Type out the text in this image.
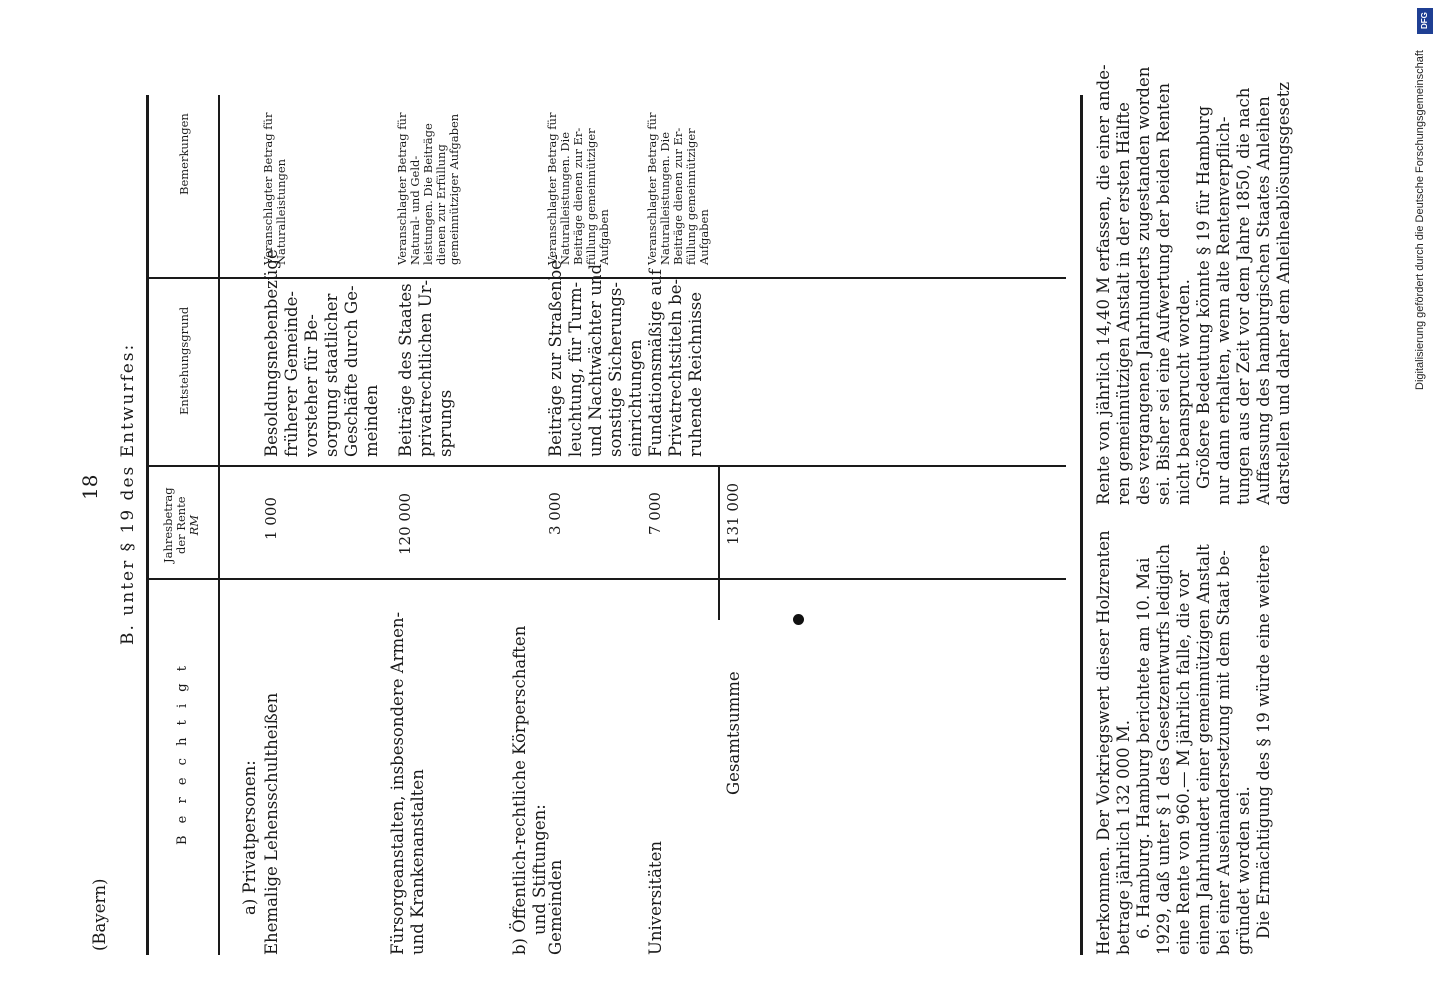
(Bayern)
18 B. unter § 19 des Entwurfes:
B e r e c h t i g t
Jahresbetrag der Rente RM
Entstehungsgrund
Bemerkungen
a) Privatpersonen: Ehemalige Lehensschultheißen
1 000
Besoldungsnebenbezüge früherer Gemeinde- vorsteher für Be- sorgung staatlicher Geschäfte durch Ge- meinden
Veranschlagter Betrag für Naturalleistungen
Fürsorgeanstalten, insbesondere Armen- und Krankenanstalten
120 000
Beiträge des Staates privatrechtlichen Ur- sprungs
Veranschlagter Betrag für Natural- und Geld- leistungen. Die Beiträge dienen zur Erfüllung gemeinnütziger Aufgaben
b) Öffentlich-rechtliche Körperschaften und Stiftungen:
Gemeinden
3 000
Beiträge zur Straßenbe- leuchtung, für Turm- und Nachtwächter und sonstige Sicherungs- einrichtungen
Veranschlagter Betrag für Naturalleistungen. Die Beiträge dienen zur Er- füllung gemeinnütziger Aufgaben
Universitäten
7 000
Fundationsmäßige auf Privatrechtstiteln be- ruhende Reichnisse
Veranschlagter Betrag für Naturalleistungen. Die Beiträge dienen zur Er- füllung gemeinnütziger Aufgaben
Gesamtsumme
131 000
Herkommen. Der Vorkriegswert dieser Holzrenten betrage jährlich 132 000 M. 6. Hamburg. Hamburg berichtete am 10. Mai 1929, daß unter § 1 des Gesetzentwurfs lediglich eine Rente von 960.— M jährlich falle, die vor einem Jahrhundert einer gemeinnützigen Anstalt bei einer Auseinandersetzung mit dem Staat be- gründet worden sei. Die Ermächtigung des § 19 würde eine weitere
Rente von jährlich 14,40 M erfassen, die einer ande- ren gemeinnützigen Anstalt in der ersten Hälfte des vergangenen Jahrhunderts zugestanden worden sei. Bisher sei eine Aufwertung der beiden Renten nicht beansprucht worden. Größere Bedeutung könnte § 19 für Hamburg nur dann erhalten, wenn alte Rentenverpflich- tungen aus der Zeit vor dem Jahre 1850, die nach Auffassung des hamburgischen Staates Anleihen darstellen und daher dem Anleiheablösungsgesetz
DFG
Digitalisierung gefördert durch die Deutsche Forschungsgemeinschaft
